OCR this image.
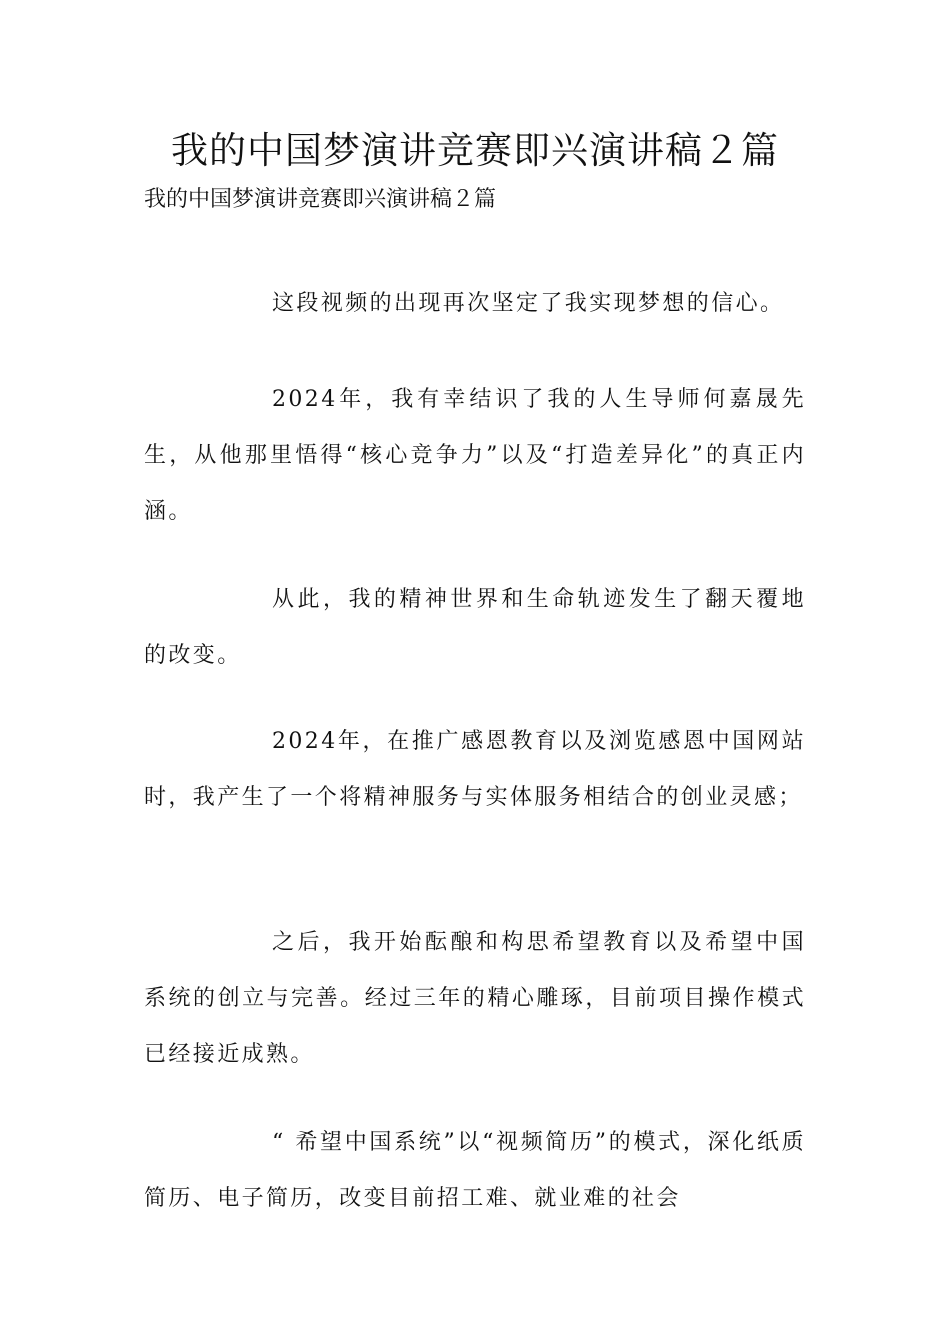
我的中国梦演讲竞赛即兴演讲稿２篇

我的中国梦演讲竞赛即兴演讲稿２篇

这段视频的出现再次坚定了我实现梦想的信心。

2024年，我有幸结识了我的人生导师何嘉晟先生，从他那里悟得“核心竞争力”以及“打造差异化”的真正内涵。

从此，我的精神世界和生命轨迹发生了翻天覆地的改变。

2024年，在推广感恩教育以及浏览感恩中国网站时，我产生了一个将精神服务与实体服务相结合的创业灵感；

之后，我开始酝酿和构思希望教育以及希望中国系统的创立与完善。经过三年的精心雕琢，目前项目操作模式已经接近成熟。

“ 希望中国系统”以“视频简历”的模式，深化纸质简历、电子简历，改变目前招工难、就业难的社会
